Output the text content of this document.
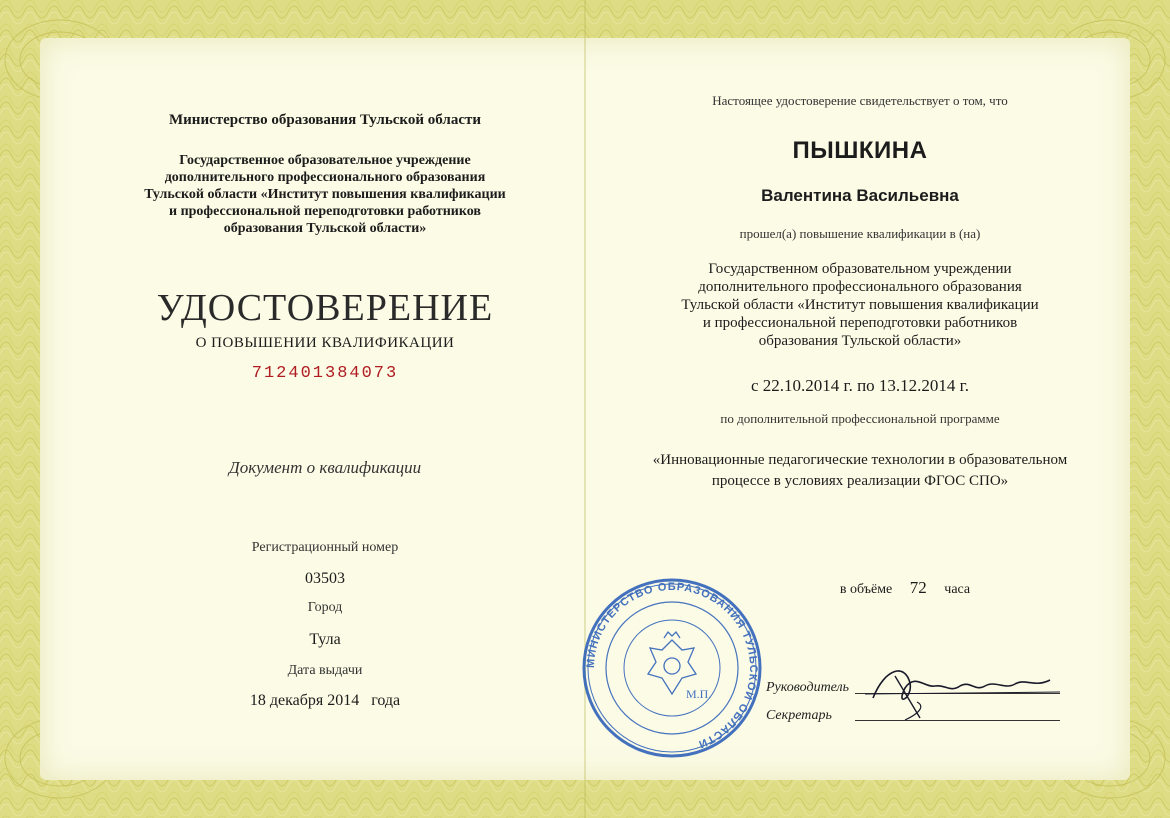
Министерство образования Тульской области
Государственное образовательное учреждение
дополнительного профессионального образования
Тульской области «Институт повышения квалификации
и профессиональной переподготовки работников
образования Тульской области»
УДОСТОВЕРЕНИЕ
О ПОВЫШЕНИИ КВАЛИФИКАЦИИ
712401384073
Документ о квалификации
Регистрационный номер
03503
Город
Тула
Дата выдачи
18 декабря 2014 года
Настоящее удостоверение свидетельствует о том, что
ПЫШКИНА
Валентина Васильевна
прошел(а) повышение квалификации в (на)
Государственном образовательном учреждении
дополнительного профессионального образования
Тульской области «Институт повышения квалификации
и профессиональной переподготовки работников
образования Тульской области»
с 22.10.2014 г. по 13.12.2014 г.
по дополнительной профессиональной программе
«Инновационные педагогические технологии в образовательном
процессе в условиях реализации ФГОС СПО»
в объёме 72 часа
Руководитель
Секретарь
МИНИСТЕРСТВО ОБРАЗОВАНИЯ ТУЛЬСКОЙ ОБЛАСТИ
М.П.
